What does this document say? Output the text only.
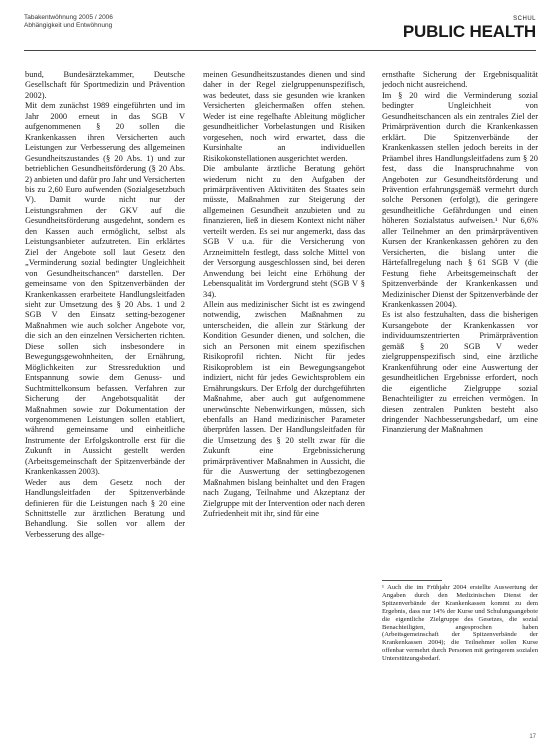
Tabakentwöhnung 2005 / 2006
Abhängigkeit und Entwöhnung
SCHUL
PUBLIC HEALTH

bund, Bundesärztekammer, Deutsche Gesellschaft für Sportmedizin und Prävention 2002).

Mit dem zunächst 1989 eingeführten und im Jahr 2000 erneut in das SGB V aufgenommenen § 20 sollen die Krankenkassen ihren Versicherten auch Leistungen zur Verbesserung des allgemeinen Gesundheitszustandes (§ 20 Abs. 1) und zur betrieblichen Gesundheitsförderung (§ 20 Abs. 2) anbieten und dafür pro Jahr und Versicherten bis zu 2,60 Euro aufwenden (Sozialgesetzbuch V). Damit wurde nicht nur der Leistungsrahmen der GKV auf die Gesundheitsförderung ausgedehnt, sondern es den Kassen auch ermöglicht, selbst als Leistungsanbieter aufzutreten. Ein erklärtes Ziel der Angebote soll laut Gesetz den „Verminderung sozial bedingter Ungleichheit von Gesundheitschancen“ darstellen. Der gemeinsame von den Spitzenverbänden der Krankenkassen erarbeitete Handlungsleitfaden sieht zur Umsetzung des § 20 Abs. 1 und 2 SGB V den Einsatz setting-bezogener Maßnahmen wie auch solcher Angebote vor, die sich an den einzelnen Versicherten richten. Diese sollen sich insbesondere in Bewegungsgewohnheiten, der Ernährung, Möglichkeiten zur Stressreduktion und Entspannung sowie dem Genuss- und Suchtmittelkonsum befassen. Verfahren zur Sicherung der Angebotsqualität der Maßnahmen sowie zur Dokumentation der vorgenommenen Leistungen sollen etabliert, während gemeinsame und einheitliche Instrumente der Erfolgskontrolle erst für die Zukunft in Aussicht gestellt werden (Arbeitsgemeinschaft der Spitzenverbände der Krankenkassen 2003).

Weder aus dem Gesetz noch der Handlungsleitfaden der Spitzenverbände definieren für die Leistungen nach § 20 eine Schnittstelle zur ärztlichen Beratung und Behandlung. Sie sollen vor allem der Verbesserung des allge-

meinen Gesundheitszustandes dienen und sind daher in der Regel zielgruppenunspezifisch, was bedeutet, dass sie gesunden wie kranken Versicherten gleichermaßen offen stehen. Weder ist eine regelhafte Ableitung möglicher gesundheitlicher Vorbelastungen und Risiken vorgesehen, noch wird erwartet, dass die Kursinhalte an individuellen Risikokonstellationen ausgerichtet werden.

Die ambulante ärztliche Beratung gehört wiederum nicht zu den Aufgaben der primärpräventiven Aktivitäten des Staates sein müsste, Maßnahmen zur Steigerung der allgemeinen Gesundheit anzubieten und zu finanzieren, ließ in diesem Kontext nicht näher verteilt werden. Es sei nur angemerkt, dass das SGB V u.a. für die Versicherung von Arzneimitteln festlegt, dass solche Mittel von der Versorgung ausgeschlossen sind, bei deren Anwendung bei leicht eine Erhöhung der Lebensqualität im Vordergrund steht (SGB V § 34).

Allein aus medizinischer Sicht ist es zwingend notwendig, zwischen Maßnahmen zu unterscheiden, die allein zur Stärkung der Kondition Gesunder dienen, und solchen, die sich an Personen mit einem spezifischen Risikoprofil richten. Nicht für jedes Risikoproblem ist ein Bewegungsangebot indiziert, nicht für jedes Gewichtsproblem ein Ernährungskurs. Der Erfolg der durchgeführten Maßnahme, aber auch gut aufgenommene unerwünschte Nebenwirkungen, müssen, sich ebenfalls an Hand medizinischer Parameter überprüfen lassen. Der Handlungsleitfaden für die Umsetzung des § 20 stellt zwar für die Zukunft eine Ergebnissicherung primärpräventiver Maßnahmen in Aussicht, die für die Auswertung der settingbezogenen Maßnahmen bislang beinhaltet und den Fragen nach Zugang, Teilnahme und Akzeptanz der Zielgruppe mit der Intervention oder nach deren Zufriedenheit mit ihr, sind für eine

ernsthafte Sicherung der Ergebnisqualität jedoch nicht ausreichend.

Im § 20 wird die Verminderung sozial bedingter Ungleichheit von Gesundheitschancen als ein zentrales Ziel der Primärprävention durch die Krankenkassen erklärt. Die Spitzenverbände der Krankenkassen stellen jedoch bereits in der Präambel ihres Handlungsleitfadens zum § 20 fest, dass die Inanspruchnahme von Angeboten zur Gesundheitsförderung und Prävention erfahrungsgemäß vermehrt durch solche Personen (erfolgt), die geringere gesundheitliche Gefährdungen und einen höheren Sozialstatus aufweisen.¹ Nur 6,6% aller Teilnehmer an den primärpräventiven Kursen der Krankenkassen gehören zu den Versicherten, die bislang unter die Härtefallregelung nach § 61 SGB V (die Festung fiehe Arbeitsgemeinschaft der Spitzenverbände der Krankenkassen und Medizinischer Dienst der Spitzenverbände der Krankenkassen 2004).

Es ist also festzuhalten, dass die bisherigen Kursangebote der Krankenkassen vor individuumszentrierten Primärprävention gemäß § 20 SGB V weder zielgruppenspezifisch sind, eine ärztliche Krankenführung oder eine Auswertung der gesundheitlichen Ergebnisse erfordert, noch die eigentliche Zielgruppe sozial Benachteiligter zu erreichen vermögen. In diesen zentralen Punkten besteht also dringender Nachbesserungsbedarf, um eine Finanzierung der Maßnahmen

¹ Auch die im Frühjahr 2004 erstellte Auswertung der Angaben durch den Medizinischen Dienst der Spitzenverbände der Krankenkassen kommt zu dem Ergebnis, dass nur 14% der Kurse und Schulungsangebote die eigentliche Zielgruppe des Gesetzes, die sozial Benachteiligten, angesprochen haben (Arbeitsgemeinschaft der Spitzenverbände der Krankenkassen 2004); die Teilnehmer sollen Kurse offenbar vermehrt durch Personen mit geringerem sozialen Unterstützungsbedarf.
17
